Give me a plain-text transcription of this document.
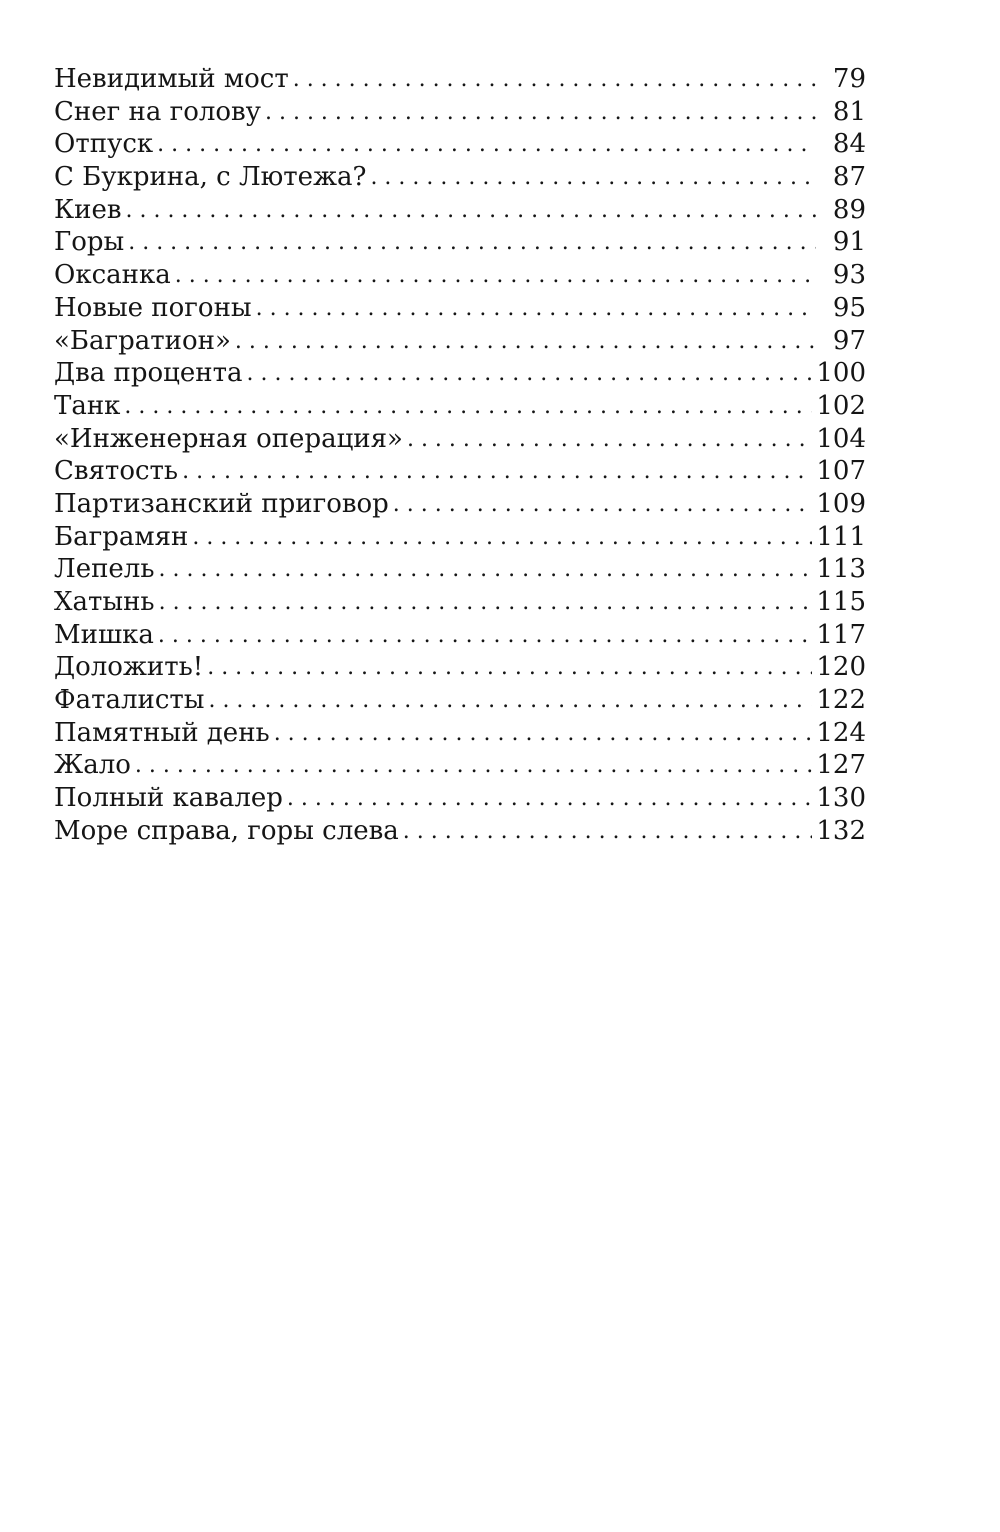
Невидимый мост . . .	79
Снег на голову . . .	81
Отпуск . . .	84
С Букрина, с Лютежа? . . .	87
Киев . . .	89
Горы . . .	91
Оксанка . . .	93
Новые погоны . . .	95
«Багратион» . . .	97
Два процента . . .	100
Танк . . .	102
«Инженерная операция» . . .	104
Святость . . .	107
Партизанский приговор . . .	109
Баграмян . . .	111
Лепель . . .	113
Хатынь . . .	115
Мишка . . .	117
Доложить! . . .	120
Фаталисты . . .	122
Памятный день . . .	124
Жало . . .	127
Полный кавалер . . .	130
Море справа, горы слева . . .	132
